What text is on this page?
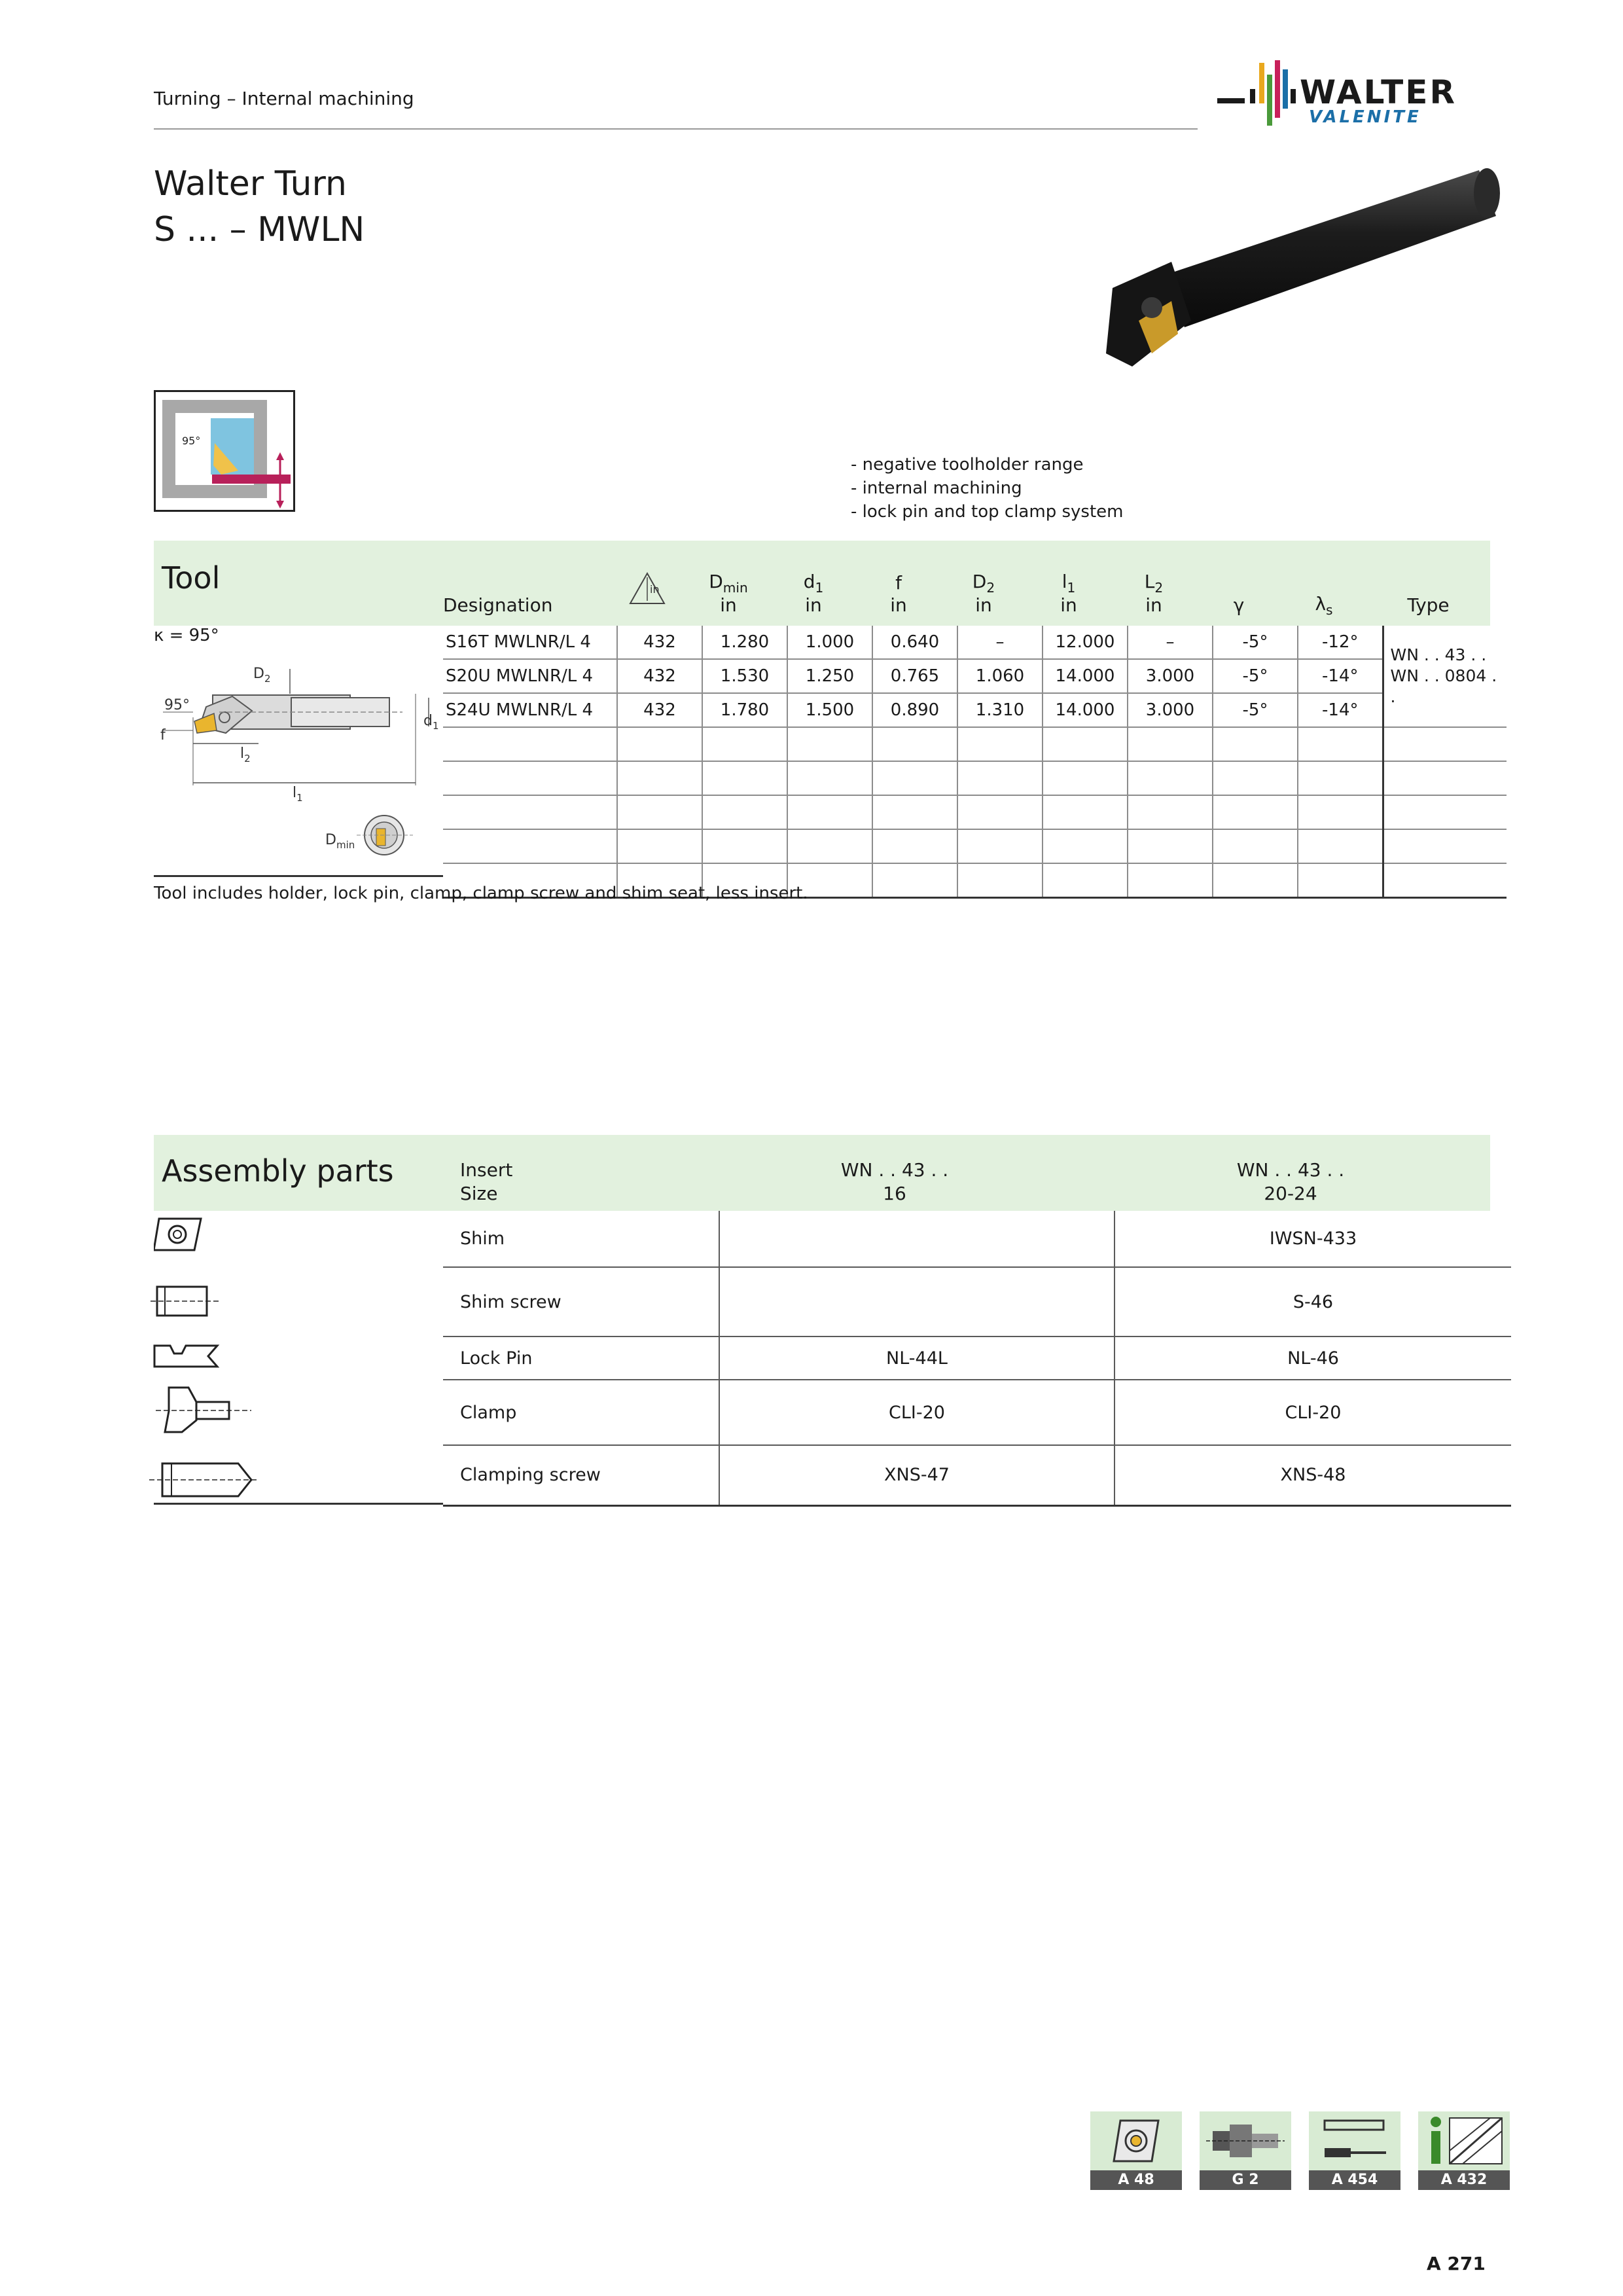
Turning – Internal machining	WALTER
VALENITE
Walter Turn
S ... – MWLN
95°
- negative toolholder range
- internal machining
- lock pin and top clamp system
Tool
Designation
in	$D_{min}$
in
$d_1$
in
f
in
$D_2$
in
$l_1$
in
$L_2$
in	γ	$\lambda_s$	Type
κ = 95°
95°
f
$D_2$
$d_1$
$l_2$
$l_1$
$D_{min}$
S16T MWLNR/L 4	432	1.280	1.000	0.640	–	12.000	–	-5°	-12°	WN . . 43 . .
WN . . 0804 . .

S20U MWLNR/L 4	432	1.530	1.250	0.765	1.060	14.000	3.000	-5°	-14°	
S24U MWLNR/L 4	432	1.780	1.500	0.890	1.310	14.000	3.000	-5°	-14°	

Tool includes holder, lock pin, clamp, clamp screw and shim seat, less insert.
Assembly parts	Insert
Size
WN . . 43 . .
16
WN . . 43 . .
20-24
Shim		IWSN-433
Shim screw		S-46
Lock Pin	NL-44L	NL-46
Clamp	CLI-20	CLI-20
Clamping screw	XNS-47	XNS-48
A 48	G 2	A 454	A 432
A 271
